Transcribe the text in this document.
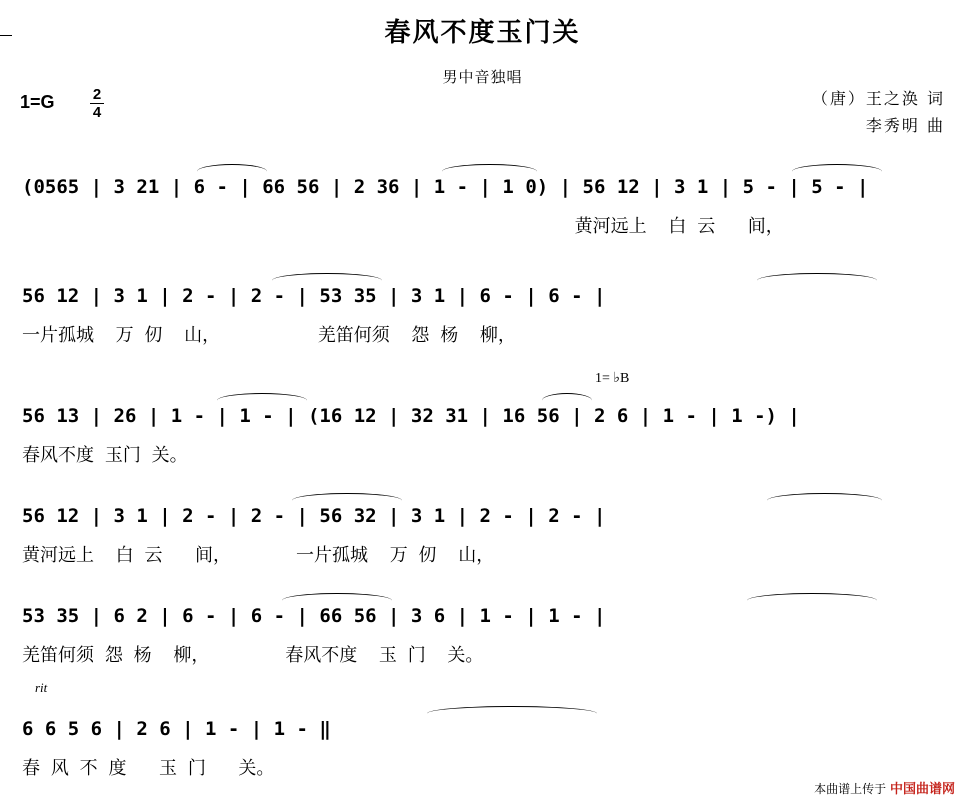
春风不度玉门关
男中音独唱
（唐）王之涣 词
李秀明 曲
$1=G \frac{2}{4}$
1= ♭B
rit
(0565 | 3 21 | 6 - | 66 56 | 2 36 | 1 - | 1 0) | 56 12 | 3 1 | 5 - | 5 - |
黄河远上  白 云   间，
56 12 | 3 1 | 2 - | 2 - | 53 35 | 3 1 | 6 - | 6 - |
一片孤城  万 仞  山，         羌笛何须  怨 杨  柳，
56 13 | 26 | 1 - | 1 - | (16 12 | 32 31 | 16 56 | 2 6 | 1 - | 1 -) |
春风不度 玉门 关。
56 12 | 3 1 | 2 - | 2 - | 56 32 | 3 1 | 2 - | 2 - |
黄河远上  白 云   间，      一片孤城  万 仞  山，
53 35 | 6 2 | 6 - | 6 - | 66 56 | 3 6 | 1 - | 1 - |
羌笛何须 怨 杨  柳，       春风不度  玉 门  关。
6 6 5 6 | 2 6 | 1 - | 1 - ‖
春 风 不 度   玉 门   关。
本曲谱上传于 中国曲谱网
